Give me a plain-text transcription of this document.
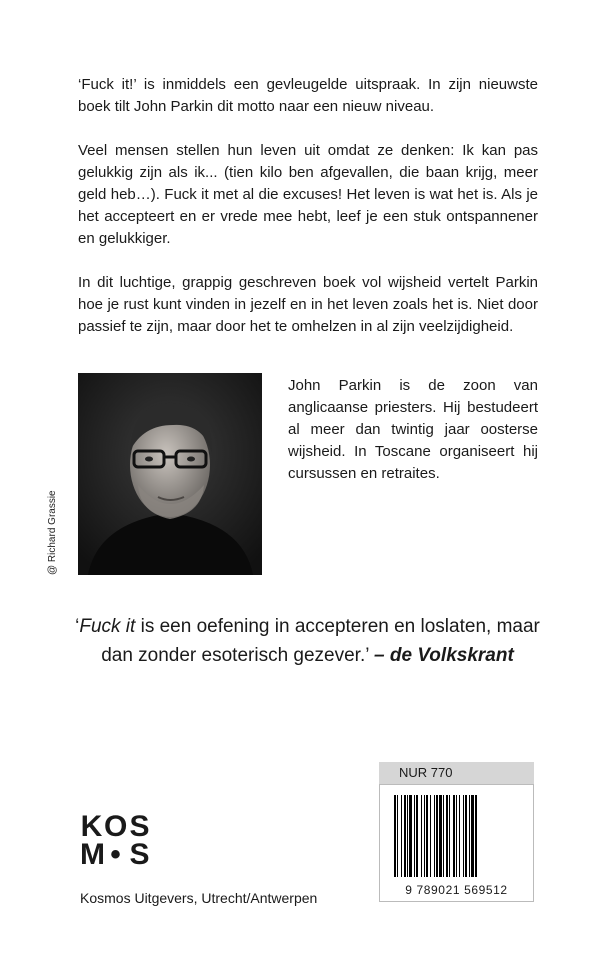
‘Fuck it!’ is inmiddels een gevleugelde uitspraak. In zijn nieuwste boek tilt John Parkin dit motto naar een nieuw niveau.

Veel mensen stellen hun leven uit omdat ze denken: Ik kan pas gelukkig zijn als ik... (tien kilo ben afgevallen, die baan krijg, meer geld heb…). Fuck it met al die excuses! Het leven is wat het is. Als je het accepteert en er vrede mee hebt, leef je een stuk ontspannener en gelukkiger.

In dit luchtige, grappig geschreven boek vol wijsheid vertelt Parkin hoe je rust kunt vinden in jezelf en in het leven zoals het is. Niet door passief te zijn, maar door het te omhelzen in al zijn veelzijdigheid.

@ Richard Grassie

John Parkin is de zoon van anglicaanse priesters. Hij bestudeert al meer dan twintig jaar oosterse wijsheid. In Toscane organiseert hij cursussen en retraites.

‘Fuck it is een oefening in accepteren en loslaten, maar dan zonder esoterisch gezever.’ – de Volkskrant

NUR 770
9 789021 569512
KOS
M • S

Kosmos Uitgevers, Utrecht/Antwerpen
